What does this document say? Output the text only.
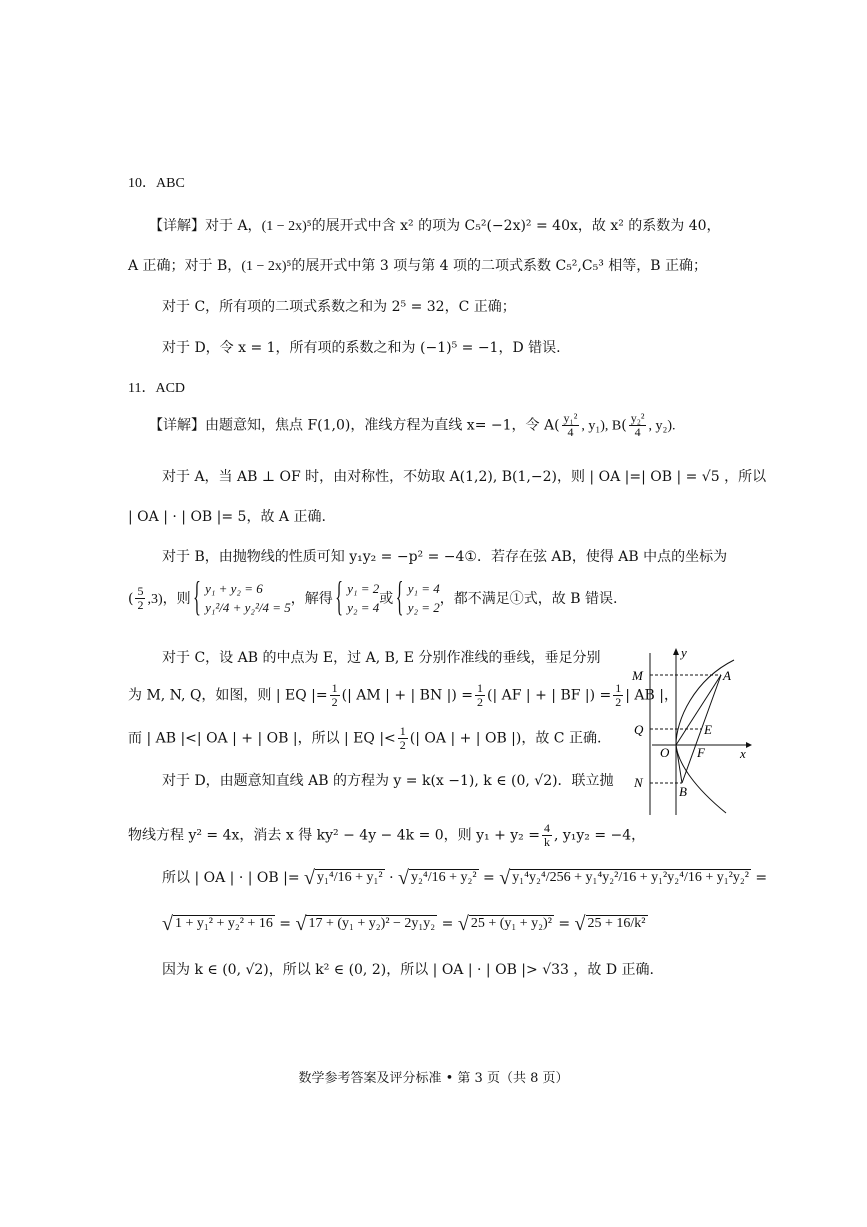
10．ABC
【详解】对于 A，(1 − 2x)⁵的展开式中含 x² 的项为 C₅²(−2x)² = 40x，故 x² 的系数为 40，
A 正确；对于 B，(1 − 2x)⁵的展开式中第 3 项与第 4 项的二项式系数 C₅²,C₅³ 相等，B 正确；
对于 C，所有项的二项式系数之和为 2⁵ = 32，C 正确；
对于 D，令 x = 1，所有项的系数之和为 (−1)⁵ = −1，D 错误.
11．ACD
【详解】由题意知，焦点 F(1,0)，准线方程为直线 x= −1，令 $A( \frac{\text{y₁²}}{4}$ , y₁), $B( \frac{\text{y₂²}}{4}$ , y₂).
对于 A，当 AB ⊥ OF 时，由对称性，不妨取 A(1,2), B(1,−2)，则 | OA |=| OB | = √5 ，所以
| OA | · | OB |= 5，故 A 正确.
对于 B，由抛物线的性质可知 y₁y₂ = −p² = −4①．若存在弦 AB，使得 AB 中点的坐标为
( $\frac{5}{2} ,3$)，则
{ y₁ + y₂ = 6
y₁²/4 + y₂²/4 = 5
，解得
{ y₁ = 2
y₂ = 4
或
{ y₁ = 4
y₂ = 2
，都不满足①式，故 B 错误.
对于 C，设 AB 的中点为 E，过 A, B, E 分别作准线的垂线，垂足分别
为 M, N, Q，如图，则 | EQ |= $\frac{1}{2}$ (| AM | + | BN |) = $\frac{1}{2}$ (| AF | + | BF |) = $\frac{1}{2}$ | AB |，
而 | AB |<| OA | + | OB |，所以 | EQ |< $\frac{1}{2}$ (| OA | + | OB |)，故 C 正确.
对于 D，由题意知直线 AB 的方程为 y = k(x −1), k ∈ (0, √2)．联立抛
物线方程 y² = 4x，消去 x 得 ky² − 4y − 4k = 0，则 $y_1 + y_2 = \frac{4}{k}$ , y₁y₂ = −4，
所以 | OA | · | OB |= √ y₁⁴/16 + y₁² · √ y₂⁴/16 + y₂² = √ y₁⁴y₂⁴/256 + y₁⁴y₂²/16 + y₁²y₂⁴/16 + y₁²y₂² =
√ 1 + y₁² + y₂² + 16 = √ 17 + (y₁ + y₂)² − 2y₁y₂ = √ 25 + (y₁ + y₂)² = √ 25 + 16/k²
因为 k ∈ (0, √2)，所以 k² ∈ (0, 2)，所以 | OA | · | OB |> √33 ，故 D 正确.
y
x
M	A
Q	E
O F
N
B
数学参考答案及评分标准 • 第 3 页（共 8 页）
